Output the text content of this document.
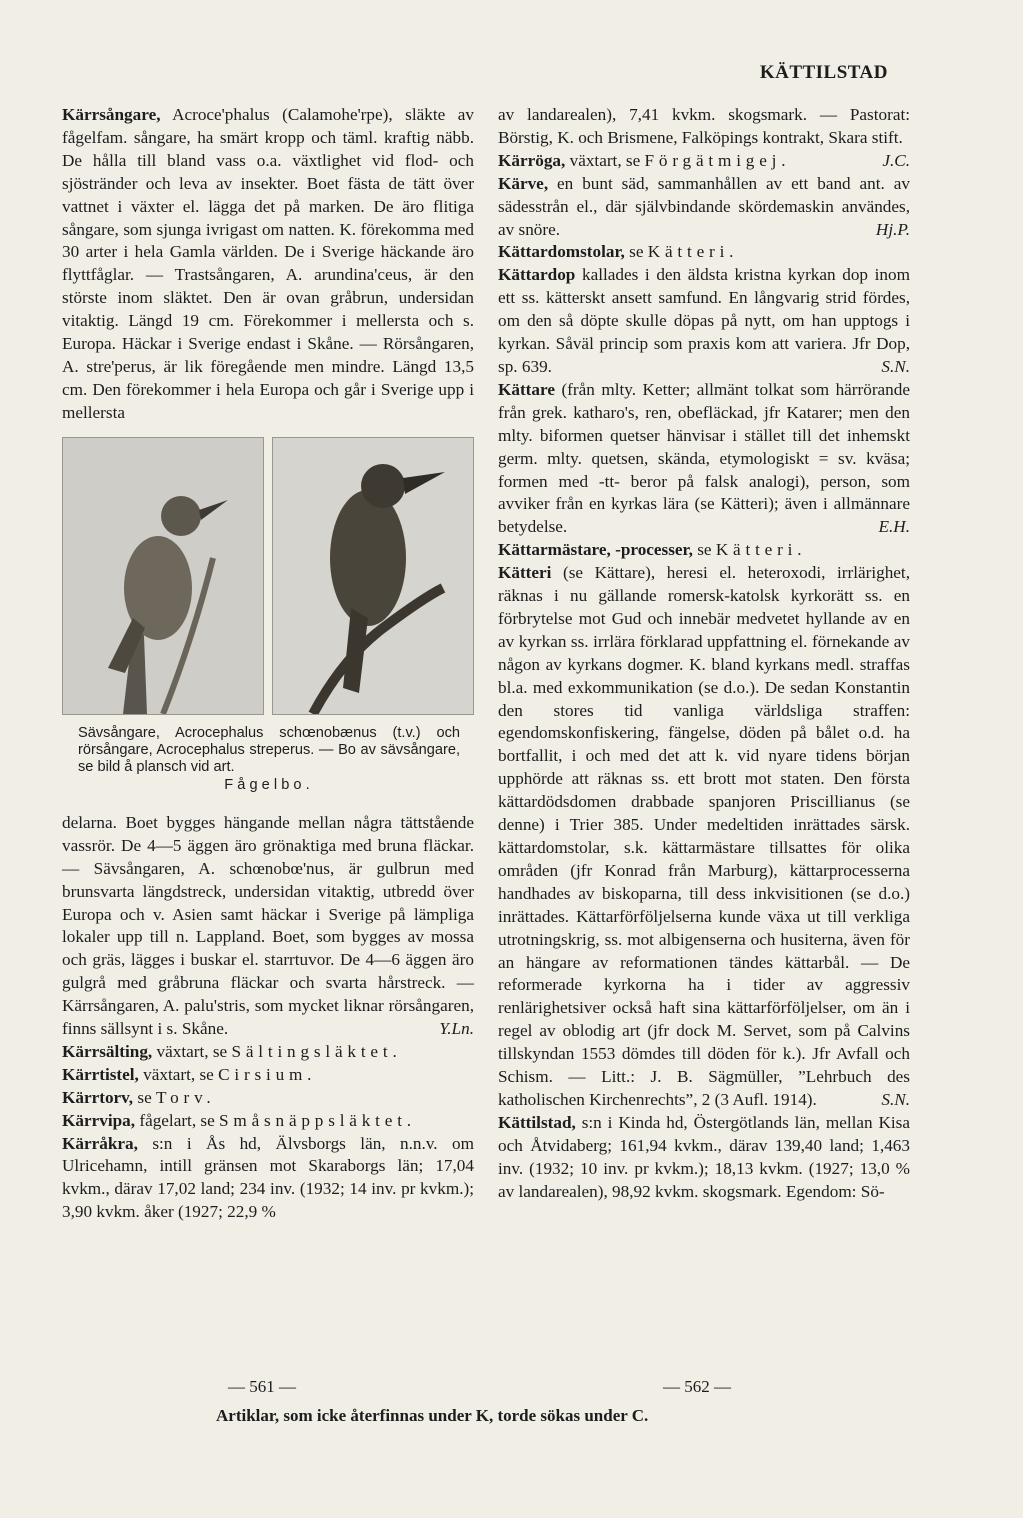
KÄTTILSTAD

Kärrsångare, Acroce'phalus (Calamohe'rpe), släkte av fågelfam. sångare, ha smärt kropp och täml. kraftig näbb. De hålla till bland vass o.a. växtlighet vid flod- och sjöstränder och leva av insekter. Boet fästa de tätt över vattnet i växter el. lägga det på marken. De äro flitiga sångare, som sjunga ivrigast om natten. K. förekomma med 30 arter i hela Gamla världen. De i Sverige häckande äro flyttfåglar. — Trastsångaren, A. arundina'ceus, är den störste inom släktet. Den är ovan gråbrun, undersidan vitaktig. Längd 19 cm. Förekommer i mellersta och s. Europa. Häckar i Sverige endast i Skåne. — Rörsångaren, A. stre'perus, är lik föregående men mindre. Längd 13,5 cm. Den förekommer i hela Europa och går i Sverige upp i mellersta

Sävsångare, Acrocephalus schœnobænus (t.v.) och rörsångare, Acrocephalus streperus. — Bo av sävsångare, se bild å plansch vid art.
Fågelbo.

delarna. Boet bygges hängande mellan några tättstående vassrör. De 4—5 äggen äro grönaktiga med bruna fläckar. — Sävsångaren, A. schœnobœ'nus, är gulbrun med brunsvarta längdstreck, undersidan vitaktig, utbredd över Europa och v. Asien samt häckar i Sverige på lämpliga lokaler upp till n. Lappland. Boet, som bygges av mossa och gräs, lägges i buskar el. starrtuvor. De 4—6 äggen äro gulgrå med gråbruna fläckar och svarta hårstreck. — Kärrsångaren, A. palu'stris, som mycket liknar rörsångaren, finns sällsynt i s. Skåne.	Y.Ln.

Kärrsälting, växtart, se Sältingsläktet.

Kärrtistel, växtart, se Cirsium.

Kärrtorv, se Torv.

Kärrvipa, fågelart, se Småsnäppsläktet.

Kärråkra, s:n i Ås hd, Älvsborgs län, n.n.v. om Ulricehamn, intill gränsen mot Skaraborgs län; 17,04 kvkm., därav 17,02 land; 234 inv. (1932; 14 inv. pr kvkm.); 3,90 kvkm. åker (1927; 22,9 %

av landarealen), 7,41 kvkm. skogsmark. — Pastorat: Börstig, K. och Brismene, Falköpings kontrakt, Skara stift.
J.C.

Kärröga, växtart, se Förgätmigej.

Kärve, en bunt säd, sammanhållen av ett band ant. av sädesstrån el., där självbindande skördemaskin användes, av snöre.	Hj.P.

Kättardomstolar, se Kätteri.

Kättardop kallades i den äldsta kristna kyrkan dop inom ett ss. kätterskt ansett samfund. En långvarig strid fördes, om den så döpte skulle döpas på nytt, om han upptogs i kyrkan. Såväl princip som praxis kom att variera. Jfr Dop, sp. 639.	S.N.

Kättare (från mlty. Ketter; allmänt tolkat som härrörande från grek. katharo's, ren, obefläckad, jfr Katarer; men den mlty. biformen quetser hänvisar i stället till det inhemskt germ. mlty. quetsen, skända, etymologiskt = sv. kväsa; formen med -tt- beror på falsk analogi), person, som avviker från en kyrkas lära (se Kätteri); även i allmännare betydelse.	E.H.

Kättarmästare, -processer, se Kätteri.

Kätteri (se Kättare), heresi el. heteroxodi, irrlärighet, räknas i nu gällande romersk-katolsk kyrkorätt ss. en förbrytelse mot Gud och innebär medvetet hyllande av en av kyrkan ss. irrlära förklarad uppfattning el. förnekande av någon av kyrkans dogmer. K. bland kyrkans medl. straffas bl.a. med exkommunikation (se d.o.). De sedan Konstantin den stores tid vanliga världsliga straffen: egendomskonfiskering, fängelse, döden på bålet o.d. ha bortfallit, i och med det att k. vid nyare tidens början upphörde att räknas ss. ett brott mot staten. Den första kättardödsdomen drabbade spanjoren Priscillianus (se denne) i Trier 385. Under medeltiden inrättades särsk. kättardomstolar, s.k. kättarmästare tillsattes för olika områden (jfr Konrad från Marburg), kättarprocesserna handhades av biskoparna, till dess inkvisitionen (se d.o.) inrättades. Kättarförföljelserna kunde växa ut till verkliga utrotningskrig, ss. mot albigenserna och husiterna, även för an hängare av reformationen tändes kättarbål. — De reformerade kyrkorna ha i tider av aggressiv renlärighetsiver också haft sina kättarförföljelser, om än i regel av oblodig art (jfr dock M. Servet, som på Calvins tillskyndan 1553 dömdes till döden för k.). Jfr Avfall och Schism. — Litt.: J. B. Sägmüller, ”Lehrbuch des katholischen Kirchenrechts”, 2 (3 Aufl. 1914).	S.N.

Kättilstad, s:n i Kinda hd, Östergötlands län, mellan Kisa och Åtvidaberg; 161,94 kvkm., därav 139,40 land; 1,463 inv. (1932; 10 inv. pr kvkm.); 18,13 kvkm. (1927; 13,0 % av landarealen), 98,92 kvkm. skogsmark. Egendom: Sö-

— 561 —	— 562 —
Artiklar, som icke återfinnas under K, torde sökas under C.
